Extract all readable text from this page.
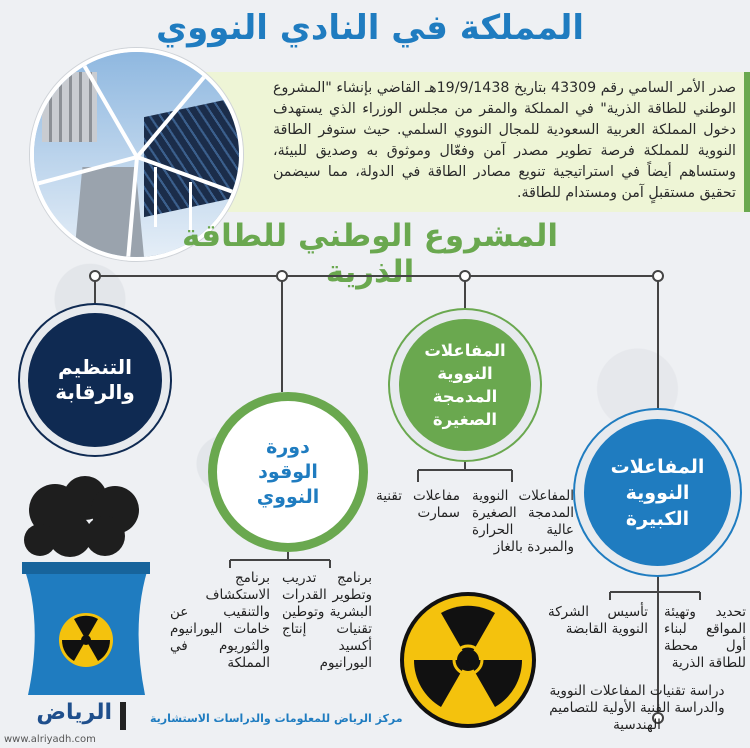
المملكة في النادي النووي

صدر الأمر السامي رقم 43309 بتاريخ 19/9/1438هـ القاضي بإنشاء "المشروع الوطني للطاقة الذرية" في المملكة والمقر من مجلس الوزراء الذي يستهدف دخول المملكة العربية السعودية للمجال النووي السلمي. حيث ستوفر الطاقة النووية للمملكة فرصة تطوير مصدر آمن وفعّال وموثوق به وصديق للبيئة، وستساهم أيضاً في استراتيجية تنويع مصادر الطاقة في الدولة، مما سيضمن تحقيق مستقبلٍ آمن ومستدام للطاقة.

المشروع الوطني للطاقة الذرية
التنظيم
والرقابة
دورة
الوقود
النووي
المفاعلات
النووية
المدمجة
الصغيرة
المفاعلات
النووية
الكبيرة

المفاعلات النووية المدمجة الصغيرة عالية الحرارة والمبردة بالغاز

مفاعلات تقنية سمارت

برنامج تدريب وتطوير القدرات البشرية وتوطين تقنيات إنتاج أكسيد اليورانيوم

برنامج الاستكشاف والتنقيب عن خامات اليورانيوم والثوريوم في المملكة

تحديد وتهيئة المواقع لبناء أول محطة للطاقة الذرية

تأسيس الشركة النووية القابضة

دراسة تقنيات المفاعلات النووية والدراسة الفنية الأولية للتصاميم الهندسية

الرياض	مركز الرياض للمعلومات والدراسات الاستشارية
www.alriyadh.com
